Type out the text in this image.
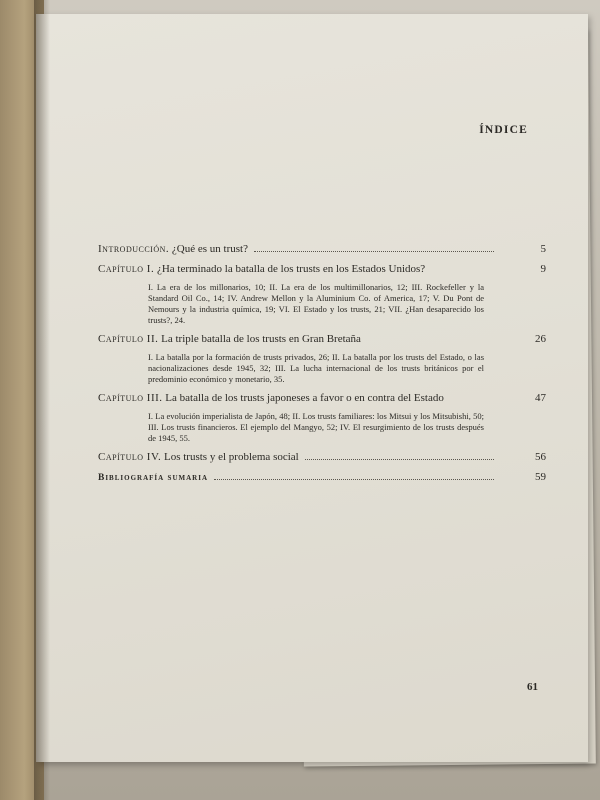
ÍNDICE
Introducción. ¿Qué es un trust?	5
Capítulo I. ¿Ha terminado la batalla de los trusts en los Estados Unidos?	9
I. La era de los millonarios, 10; II. La era de los multimillonarios, 12; III. Rockefeller y la Standard Oil Co., 14; IV. Andrew Mellon y la Aluminium Co. of America, 17; V. Du Pont de Nemours y la industria química, 19; VI. El Estado y los trusts, 21; VII. ¿Han desaparecido los trusts?, 24.
Capítulo II. La triple batalla de los trusts en Gran Bretaña	26
I. La batalla por la formación de trusts privados, 26; II. La batalla por los trusts del Estado, o las nacionalizaciones desde 1945, 32; III. La lucha internacional de los trusts británicos por el predominio económico y monetario, 35.
Capítulo III. La batalla de los trusts japoneses a favor o en contra del Estado	47
I. La evolución imperialista de Japón, 48; II. Los trusts familiares: los Mitsui y los Mitsubishi, 50; III. Los trusts financieros. El ejemplo del Mangyo, 52; IV. El resurgimiento de los trusts después de 1945, 55.
Capítulo IV. Los trusts y el problema social	56
Bibliografía sumaria	59
61
